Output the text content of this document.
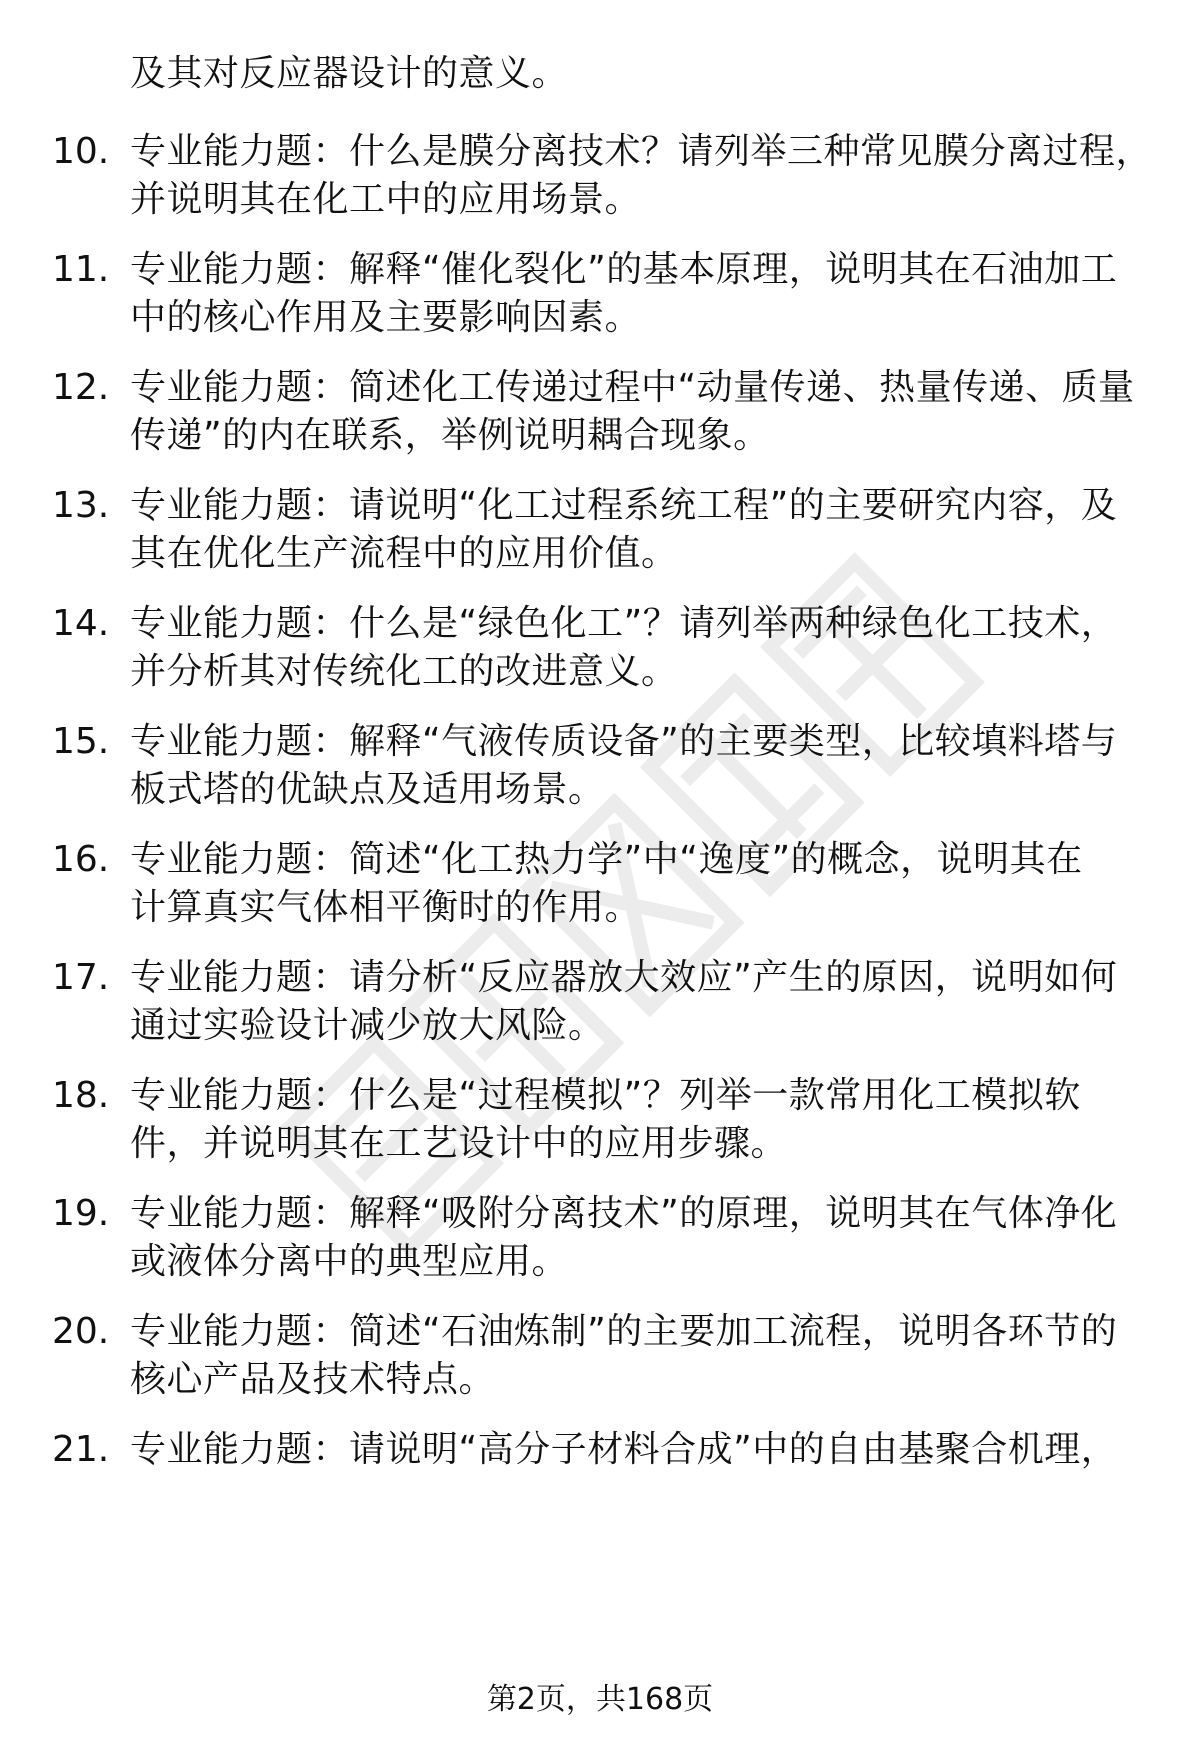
及其对反应器设计的意义。
10. 专业能力题：什么是膜分离技术？请列举三种常见膜分离过程，
并说明其在化工中的应用场景。
11. 专业能力题：解释“催化裂化”的基本原理，说明其在石油加工
中的核心作用及主要影响因素。
12. 专业能力题：简述化工传递过程中“动量传递、热量传递、质量
传递”的内在联系，举例说明耦合现象。
13. 专业能力题：请说明“化工过程系统工程”的主要研究内容，及
其在优化生产流程中的应用价值。
14. 专业能力题：什么是“绿色化工”？请列举两种绿色化工技术，
并分析其对传统化工的改进意义。
15. 专业能力题：解释“气液传质设备”的主要类型，比较填料塔与
板式塔的优缺点及适用场景。
16. 专业能力题：简述“化工热力学”中“逸度”的概念，说明其在
计算真实气体相平衡时的作用。
17. 专业能力题：请分析“反应器放大效应”产生的原因，说明如何
通过实验设计减少放大风险。
18. 专业能力题：什么是“过程模拟”？列举一款常用化工模拟软
件，并说明其在工艺设计中的应用步骤。
19. 专业能力题：解释“吸附分离技术”的原理，说明其在气体净化
或液体分离中的典型应用。
20. 专业能力题：简述“石油炼制”的主要加工流程，说明各环节的
核心产品及技术特点。
21. 专业能力题：请说明“高分子材料合成”中的自由基聚合机理，
第2页，共168页
